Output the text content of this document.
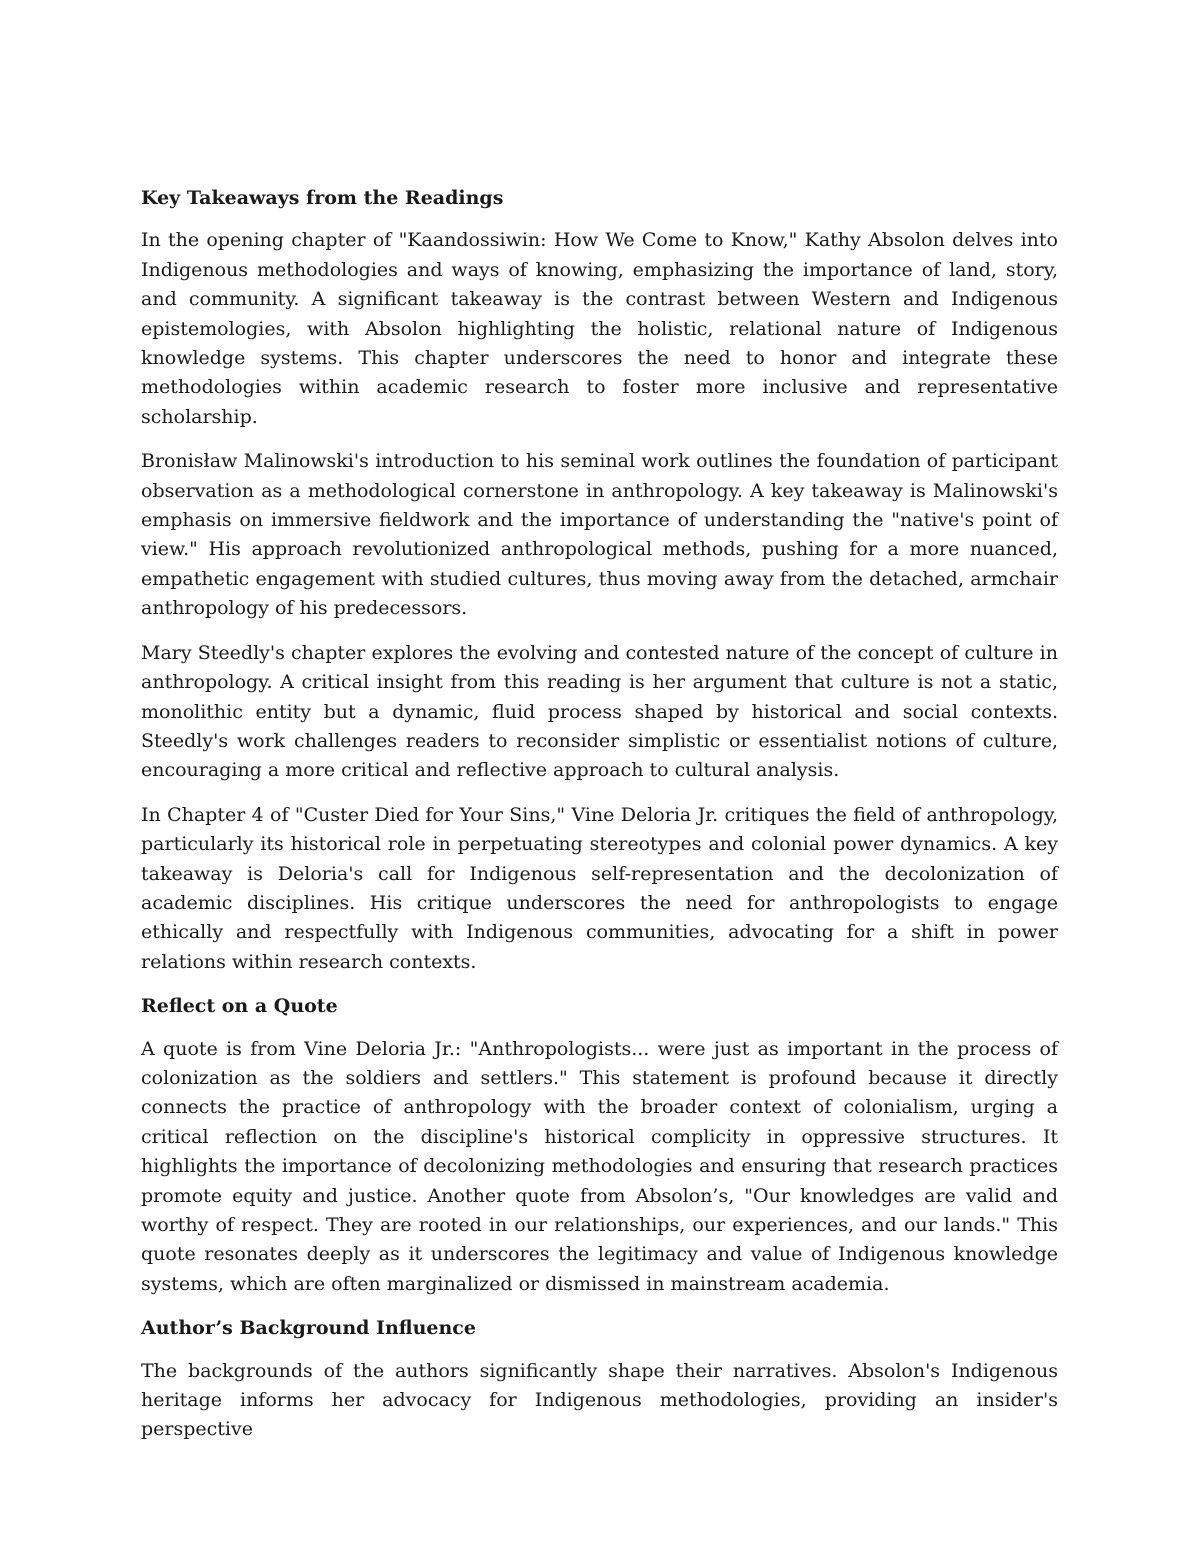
Key Takeaways from the Readings
In the opening chapter of "Kaandossiwin: How We Come to Know," Kathy Absolon delves into Indigenous methodologies and ways of knowing, emphasizing the importance of land, story, and community. A significant takeaway is the contrast between Western and Indigenous epistemologies, with Absolon highlighting the holistic, relational nature of Indigenous knowledge systems. This chapter underscores the need to honor and integrate these methodologies within academic research to foster more inclusive and representative scholarship.
Bronisław Malinowski's introduction to his seminal work outlines the foundation of participant observation as a methodological cornerstone in anthropology. A key takeaway is Malinowski's emphasis on immersive fieldwork and the importance of understanding the "native's point of view." His approach revolutionized anthropological methods, pushing for a more nuanced, empathetic engagement with studied cultures, thus moving away from the detached, armchair anthropology of his predecessors.
Mary Steedly's chapter explores the evolving and contested nature of the concept of culture in anthropology. A critical insight from this reading is her argument that culture is not a static, monolithic entity but a dynamic, fluid process shaped by historical and social contexts. Steedly's work challenges readers to reconsider simplistic or essentialist notions of culture, encouraging a more critical and reflective approach to cultural analysis.
In Chapter 4 of "Custer Died for Your Sins," Vine Deloria Jr. critiques the field of anthropology, particularly its historical role in perpetuating stereotypes and colonial power dynamics. A key takeaway is Deloria's call for Indigenous self-representation and the decolonization of academic disciplines. His critique underscores the need for anthropologists to engage ethically and respectfully with Indigenous communities, advocating for a shift in power relations within research contexts.
Reflect on a Quote
A quote is from Vine Deloria Jr.: "Anthropologists... were just as important in the process of colonization as the soldiers and settlers." This statement is profound because it directly connects the practice of anthropology with the broader context of colonialism, urging a critical reflection on the discipline's historical complicity in oppressive structures. It highlights the importance of decolonizing methodologies and ensuring that research practices promote equity and justice. Another quote from Absolon’s, "Our knowledges are valid and worthy of respect. They are rooted in our relationships, our experiences, and our lands." This quote resonates deeply as it underscores the legitimacy and value of Indigenous knowledge systems, which are often marginalized or dismissed in mainstream academia.
Author’s Background Influence
The backgrounds of the authors significantly shape their narratives. Absolon's Indigenous heritage informs her advocacy for Indigenous methodologies, providing an insider's perspective
